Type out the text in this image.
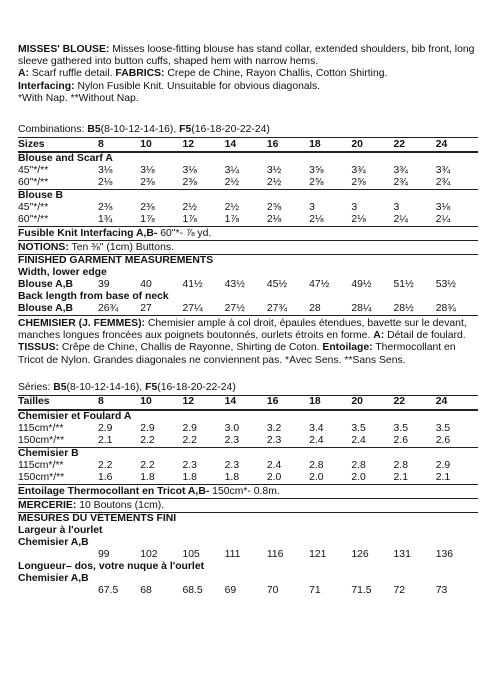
MISSES' BLOUSE: Misses loose-fitting blouse has stand collar, extended shoulders, bib front, long sleeve gathered into button cuffs, shaped hem with narrow hems.
A: Scarf ruffle detail. FABRICS: Crepe de Chine, Rayon Challis, Cotton Shirting.
Interfacing: Nylon Fusible Knit. Unsuitable for obvious diagonals.
*With Nap. **Without Nap.
Combinations: B5(8-10-12-14-16), F5(16-18-20-22-24)
Sizes	8	10	12	14	16	18	20	22	24
Blouse and Scarf A									
45"*/**	3⅛	3⅛	3⅛	3¼	3½	3⅝	3¾	3¾	3¾
60"*/**	2⅛	2⅜	2⅜	2½	2½	2⅝	2⅝	2¾	2¾
Blouse B									
45"*/**	2⅜	2⅜	2½	2½	2⅝	3	3	3	3⅛
60"*/**	1¾	1⅞	1⅞	1⅞	2⅛	2⅛	2⅛	2¼	2¼
Fusible Knit Interfacing A,B- 60"*- ⅞ yd.
NOTIONS: Ten ⅜" (1cm) Buttons.
FINISHED GARMENT MEASUREMENTS									
Width, lower edge									
Blouse A,B	39	40	41½	43½	45½	47½	49½	51½	53½
Back length from base of neck									
Blouse A,B	26¾	27	27¼	27½	27¾	28	28¼	28½	28¾
CHEMISIER (J. FEMMES): Chemisier ample à col droit, épaules étendues, bavette sur le devant, manches longues froncées aux poignets boutonnés, ourlets étroits en forme. A: Détail de foulard. TISSUS: Crêpe de Chine, Challis de Rayonne, Shirting de Coton. Entoilage: Thermocollant en Tricot de Nylon. Grandes diagonales ne conviennent pas. *Avec Sens. **Sans Sens.
Séries: B5(8-10-12-14-16), F5(16-18-20-22-24)
Tailles	8	10	12	14	16	18	20	22	24
Chemisier et Foulard A									
115cm*/**	2.9	2.9	2.9	3.0	3.2	3.4	3.5	3.5	3.5
150cm*/**	2.1	2.2	2.2	2.3	2.3	2.4	2.4	2.6	2.6
Chemisier B									
115cm*/**	2.2	2.2	2.3	2.3	2.4	2.8	2.8	2.8	2.9
150cm*/**	1.6	1.8	1.8	1.8	2.0	2.0	2.0	2.1	2.1
Entoilage Thermocollant en Tricot A,B- 150cm*- 0.8m.
MERCERIE: 10 Boutons (1cm).
MESURES DU VÊTEMENTS FINI									
Largeur à l'ourlet									
Chemisier A,B									
	99	102	105	111	116	121	126	131	136
Longueur– dos, votre nuque à l'ourlet									
Chemisier A,B									
	67.5	68	68.5	69	70	71	71.5	72	73
